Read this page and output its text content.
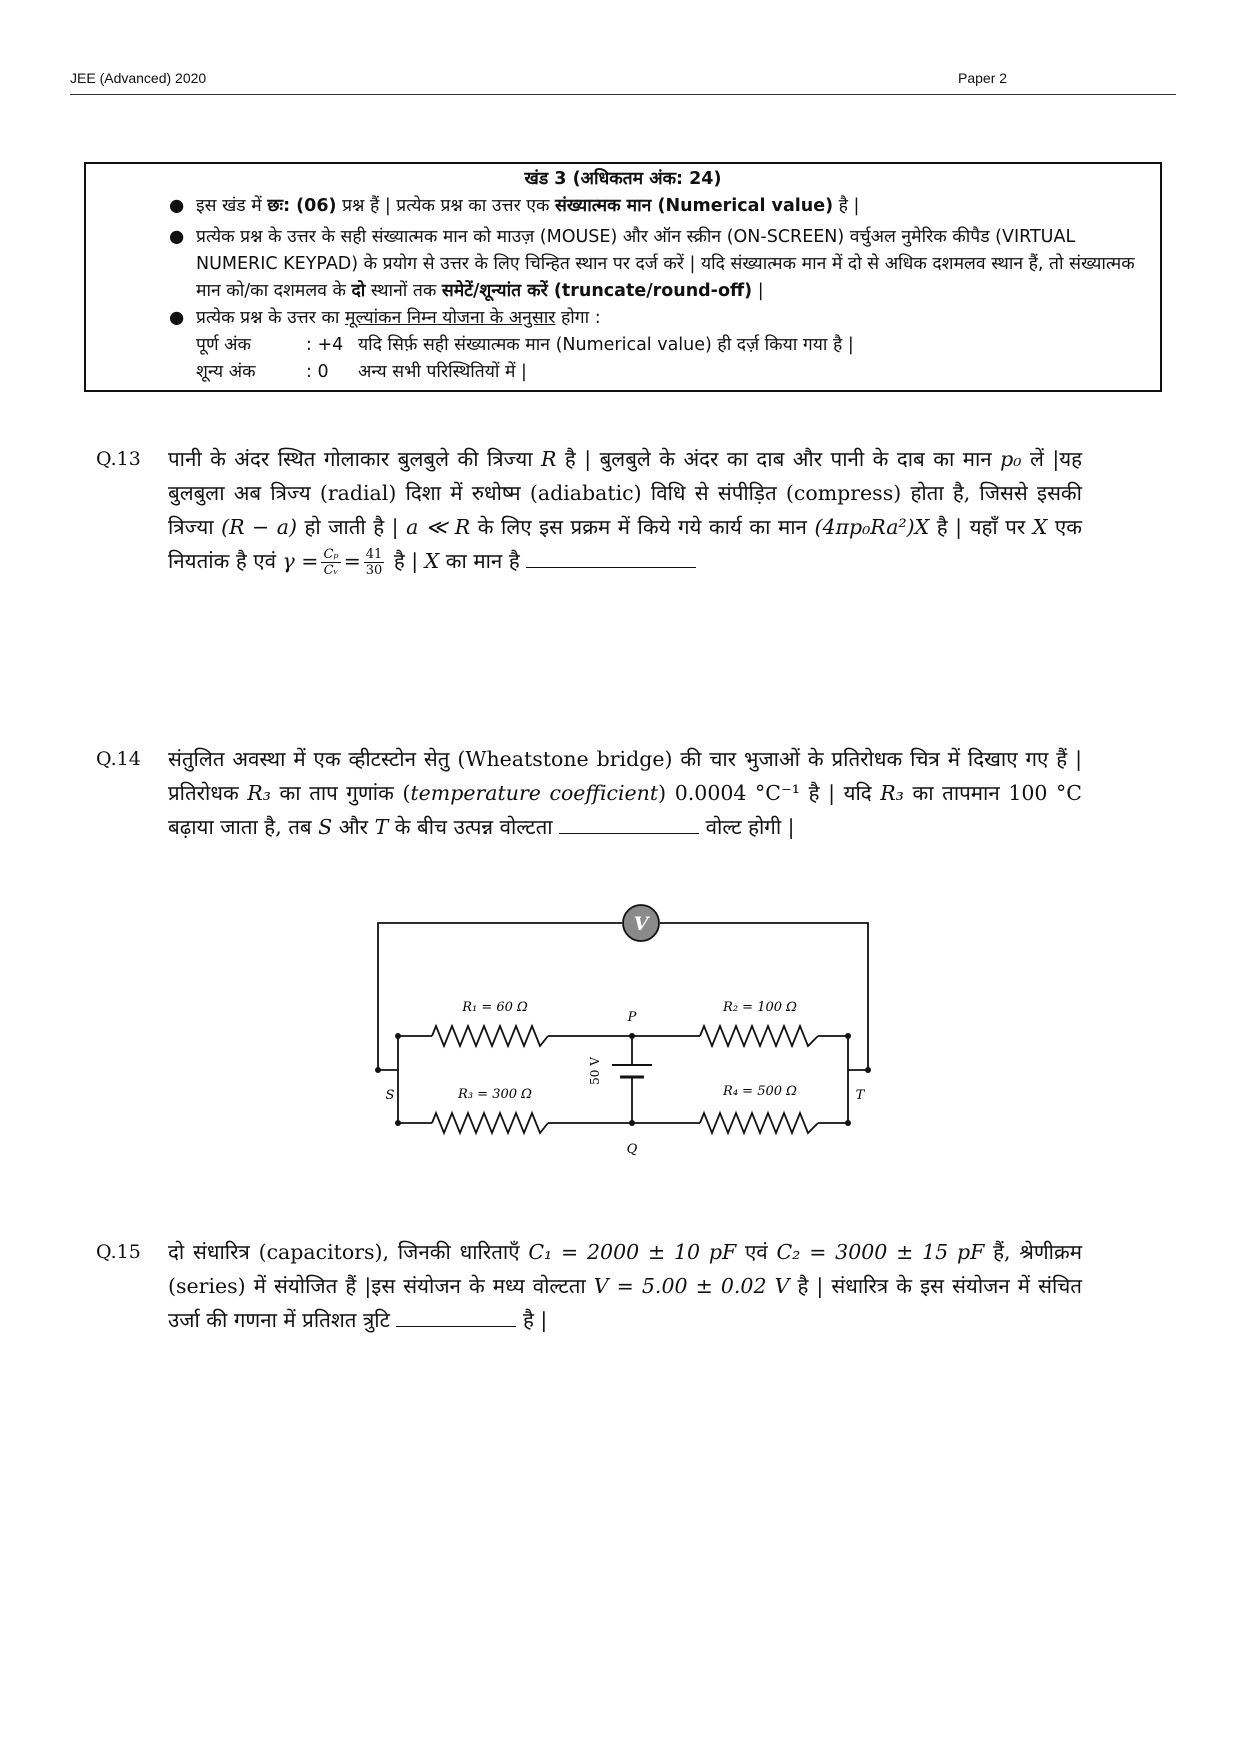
JEE (Advanced) 2020	Paper 2
खंड 3 (अधिकतम अंक: 24)
● इस खंड में छः: (06) प्रश्न हैं | प्रत्येक प्रश्न का उत्तर एक संख्यात्मक मान (Numerical value) है |
● प्रत्येक प्रश्न के उत्तर के सही संख्यात्मक मान को माउज़ (MOUSE) और ऑन स्क्रीन (ON-SCREEN) वर्चुअल नुमेरिक कीपैड (VIRTUAL NUMERIC KEYPAD) के प्रयोग से उत्तर के लिए चिन्हित स्थान पर दर्ज करें | यदि संख्यात्मक मान में दो से अधिक दशमलव स्थान हैं, तो संख्यात्मक मान को/का दशमलव के दो स्थानों तक समेटें/शून्यांत करें (truncate/round-off) |
● प्रत्येक प्रश्न के उत्तर का मूल्यांकन निम्न योजना के अनुसार होगा :
पूर्ण अंक	: +4 यदि सिर्फ़ सही संख्यात्मक मान (Numerical value) ही दर्ज़ किया गया है |
शून्य अंक	: 0	अन्य सभी परिस्थितियों में |
Q.13 पानी के अंदर स्थित गोलाकार बुलबुले की त्रिज्या R है | बुलबुले के अंदर का दाब और पानी के दाब का मान p₀ लें |यह बुलबुला अब त्रिज्य (radial) दिशा में रुधोष्म (adiabatic) विधि से संपीड़ित (compress) होता है, जिससे इसकी त्रिज्या (R − a) हो जाती है | a ≪ R के लिए इस प्रक्रम में किये गये कार्य का मान (4πp₀Ra²)X है | यहाँ पर X एक नियतांक है एवं $\gamma = \frac{\text{Cₚ}}{\text{Cᵥ}} = \frac{41}{30}$ है | X का मान है
Q.14 संतुलित अवस्था में एक व्हीटस्टोन सेतु (Wheatstone bridge) की चार भुजाओं के प्रतिरोधक चित्र में दिखाए गए हैं | प्रतिरोधक R₃ का ताप गुणांक (temperature coefficient) 0.0004 °C⁻¹ है | यदि R₃ का तापमान 100 °C बढ़ाया जाता है, तब S और T के बीच उत्पन्न वोल्टता	वोल्ट होगी |
V
R₁ = 60 Ω	R₂ = 100 Ω
R₃ = 300 Ω	R₄ = 500 Ω
P
Q
S	T
50 V
Q.15 दो संधारित्र (capacitors), जिनकी धारिताएँ C₁ = 2000 ± 10 pF एवं C₂ = 3000 ± 15 pF हैं, श्रेणीक्रम (series) में संयोजित हैं |इस संयोजन के मध्य वोल्टता V = 5.00 ± 0.02 V है | संधारित्र के इस संयोजन में संचित उर्जा की गणना में प्रतिशत त्रुटि	है |
